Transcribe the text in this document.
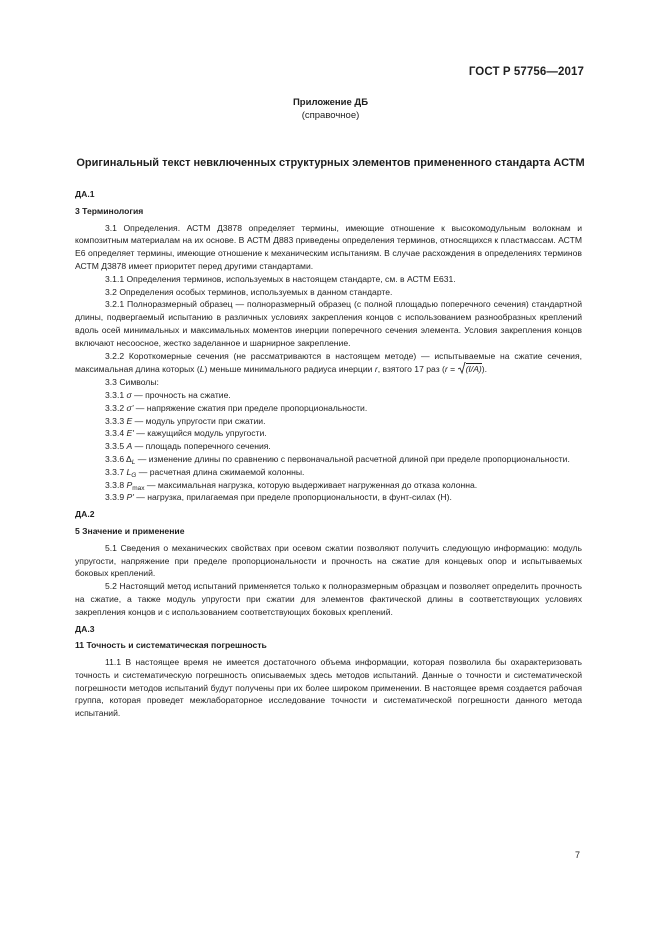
ГОСТ Р 57756—2017
Приложение ДБ
(справочное)
Оригинальный текст невключенных структурных элементов примененного стандарта АСТМ

ДА.1

3 Терминология

3.1 Определения. АСТМ Д3878 определяет термины, имеющие отношение к высокомодульным волокнам и композитным материалам на их основе. В АСТМ Д883 приведены определения терминов, относящихся к пластмассам. АСТМ Е6 определяет термины, имеющие отношение к механическим испытаниям. В случае расхождения в определениях терминов АСТМ Д3878 имеет приоритет перед другими стандартами.

3.1.1 Определения терминов, используемых в настоящем стандарте, см. в АСТМ Е631.

3.2 Определения особых терминов, используемых в данном стандарте.

3.2.1 Полноразмерный образец — полноразмерный образец (с полной площадью поперечного сечения) стандартной длины, подвергаемый испытанию в различных условиях закрепления концов с использованием разнообразных креплений вдоль осей минимальных и максимальных моментов инерции поперечного сечения элемента. Условия закрепления концов включают несоосное, жестко заделанное и шарнирное закрепление.

3.2.2 Короткомерные сечения (не рассматриваются в настоящем методе) — испытываемые на сжатие сечения, максимальная длина которых (L) меньше минимального радиуса инерции r, взятого 17 раз (r = (I/A)).

3.3 Символы:

3.3.1 σ — прочность на сжатие.

3.3.2 σ' — напряжение сжатия при пределе пропорциональности.

3.3.3 E — модуль упругости при сжатии.

3.3.4 E' — кажущийся модуль упругости.

3.3.5 A — площадь поперечного сечения.

3.3.6 $\Delta_L$ — изменение длины по сравнению с первоначальной расчетной длиной при пределе пропорциональности.

3.3.7 $L_G$ — расчетная длина сжимаемой колонны.

3.3.8 $P_{max}$ — максимальная нагрузка, которую выдерживает нагруженная до отказа колонна.

3.3.9 P' — нагрузка, прилагаемая при пределе пропорциональности, в фунт-силах (Н).

ДА.2

5 Значение и применение

5.1 Сведения о механических свойствах при осевом сжатии позволяют получить следующую информацию: модуль упругости, напряжение при пределе пропорциональности и прочность на сжатие для концевых опор и испытываемых боковых креплений.

5.2 Настоящий метод испытаний применяется только к полноразмерным образцам и позволяет определить прочность на сжатие, а также модуль упругости при сжатии для элементов фактической длины в соответствующих условиях закрепления концов и с использованием соответствующих боковых креплений.

ДА.3

11 Точность и систематическая погрешность

11.1 В настоящее время не имеется достаточного объема информации, которая позволила бы охарактеризовать точность и систематическую погрешность описываемых здесь методов испытаний. Данные о точности и систематической погрешности методов испытаний будут получены при их более широком применении. В настоящее время создается рабочая группа, которая проведет межлабораторное исследование точности и систематической погрешности данного метода испытаний.

7
